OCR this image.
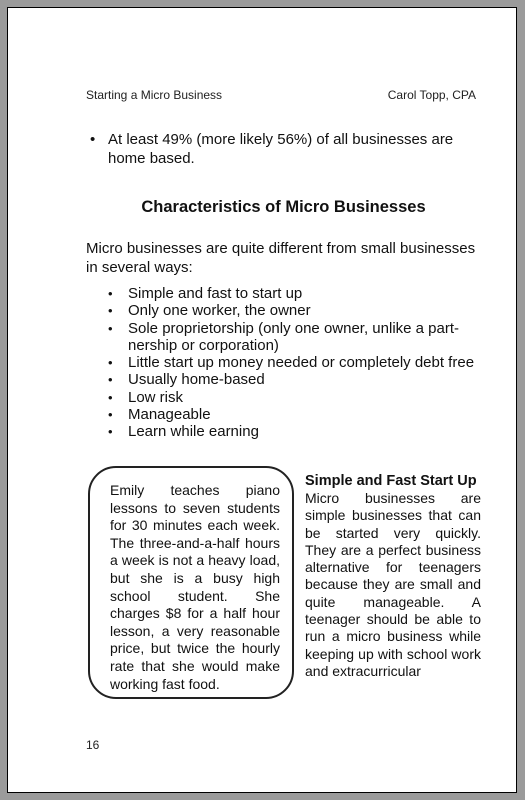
Starting a Micro Business	Carol Topp, CPA
• At least 49% (more likely 56%) of all businesses are home based.
Characteristics of Micro Businesses

Micro businesses are quite different from small businesses in several ways:

• Simple and fast to start up
• Only one worker, the owner
• Sole proprietorship (only one owner, unlike a part-nership or corporation)
• Little start up money needed or completely debt free
• Usually home-based
• Low risk
• Manageable
• Learn while earning

Emily teaches piano lessons to seven students for 30 minutes each week. The three-and-a-half hours a week is not a heavy load, but she is a busy high school student. She charges $8 for a half hour lesson, a very reasonable price, but twice the hourly rate that she would make working fast food.

Simple and Fast Start Up

Micro businesses are simple businesses that can be started very quickly. They are a perfect business alternative for teenagers because they are small and quite manageable. A teenager should be able to run a micro business while keeping up with school work and extracurricular

16
